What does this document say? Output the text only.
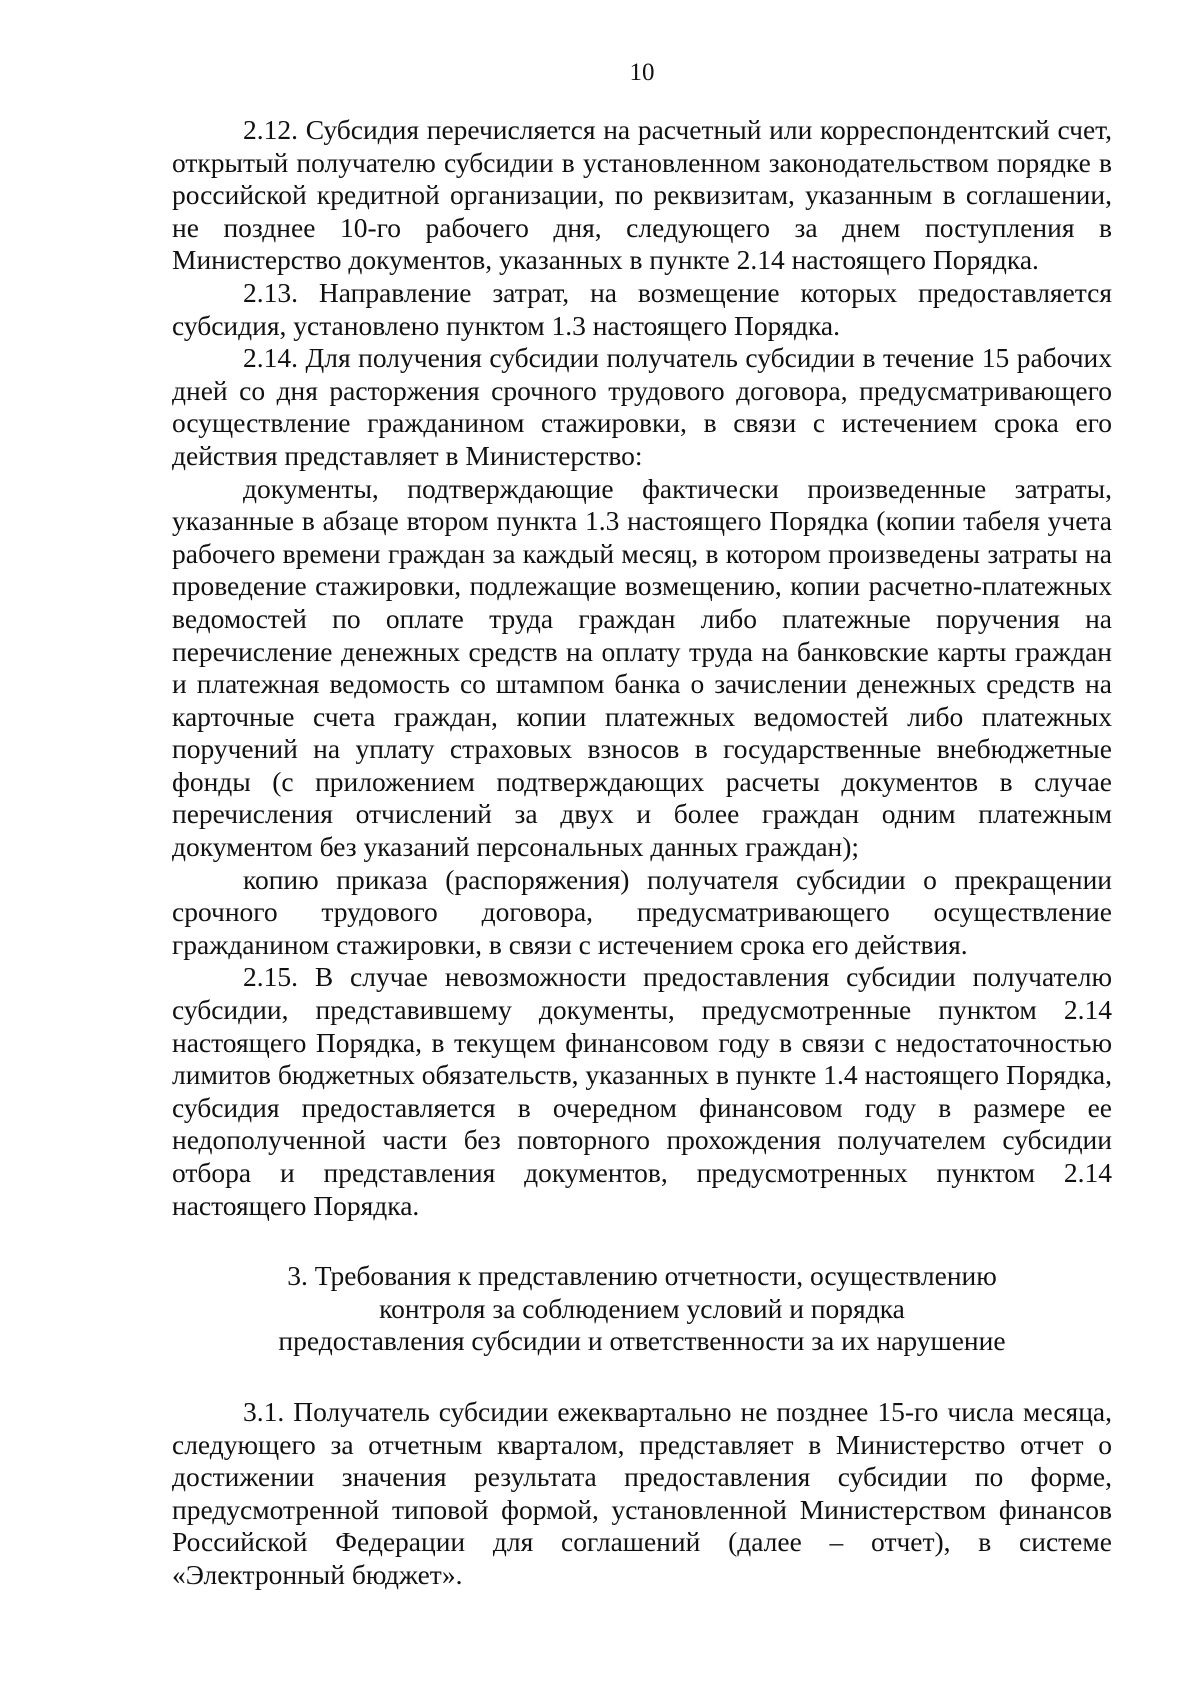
10

2.12. Субсидия перечисляется на расчетный или корреспондентский счет, открытый получателю субсидии в установленном законодательством порядке в российской кредитной организации, по реквизитам, указанным в соглашении, не позднее 10-го рабочего дня, следующего за днем поступления в Министерство документов, указанных в пункте 2.14 настоящего Порядка.

2.13. Направление затрат, на возмещение которых предоставляется субсидия, установлено пунктом 1.3 настоящего Порядка.

2.14. Для получения субсидии получатель субсидии в течение 15 рабочих дней со дня расторжения срочного трудового договора, предусматривающего осуществление гражданином стажировки, в связи с истечением срока его действия представляет в Министерство:

документы, подтверждающие фактически произведенные затраты, указанные в абзаце втором пункта 1.3 настоящего Порядка (копии табеля учета рабочего времени граждан за каждый месяц, в котором произведены затраты на проведение стажировки, подлежащие возмещению, копии расчетно-платежных ведомостей по оплате труда граждан либо платежные поручения на перечисление денежных средств на оплату труда на банковские карты граждан и платежная ведомость со штампом банка о зачислении денежных средств на карточные счета граждан, копии платежных ведомостей либо платежных поручений на уплату страховых взносов в государственные внебюджетные фонды (с приложением подтверждающих расчеты документов в случае перечисления отчислений за двух и более граждан одним платежным документом без указаний персональных данных граждан);

копию приказа (распоряжения) получателя субсидии о прекращении срочного трудового договора, предусматривающего осуществление гражданином стажировки, в связи с истечением срока его действия.

2.15. В случае невозможности предоставления субсидии получателю субсидии, представившему документы, предусмотренные пунктом 2.14 настоящего Порядка, в текущем финансовом году в связи с недостаточностью лимитов бюджетных обязательств, указанных в пункте 1.4 настоящего Порядка, субсидия предоставляется в очередном финансовом году в размере ее недополученной части без повторного прохождения получателем субсидии отбора и представления документов, предусмотренных пунктом 2.14 настоящего Порядка.

3. Требования к представлению отчетности, осуществлению
контроля за соблюдением условий и порядка
предоставления субсидии и ответственности за их нарушение

3.1. Получатель субсидии ежеквартально не позднее 15-го числа месяца, следующего за отчетным кварталом, представляет в Министерство отчет о достижении значения результата предоставления субсидии по форме, предусмотренной типовой формой, установленной Министерством финансов Российской Федерации для соглашений (далее – отчет), в системе «Электронный бюджет».
